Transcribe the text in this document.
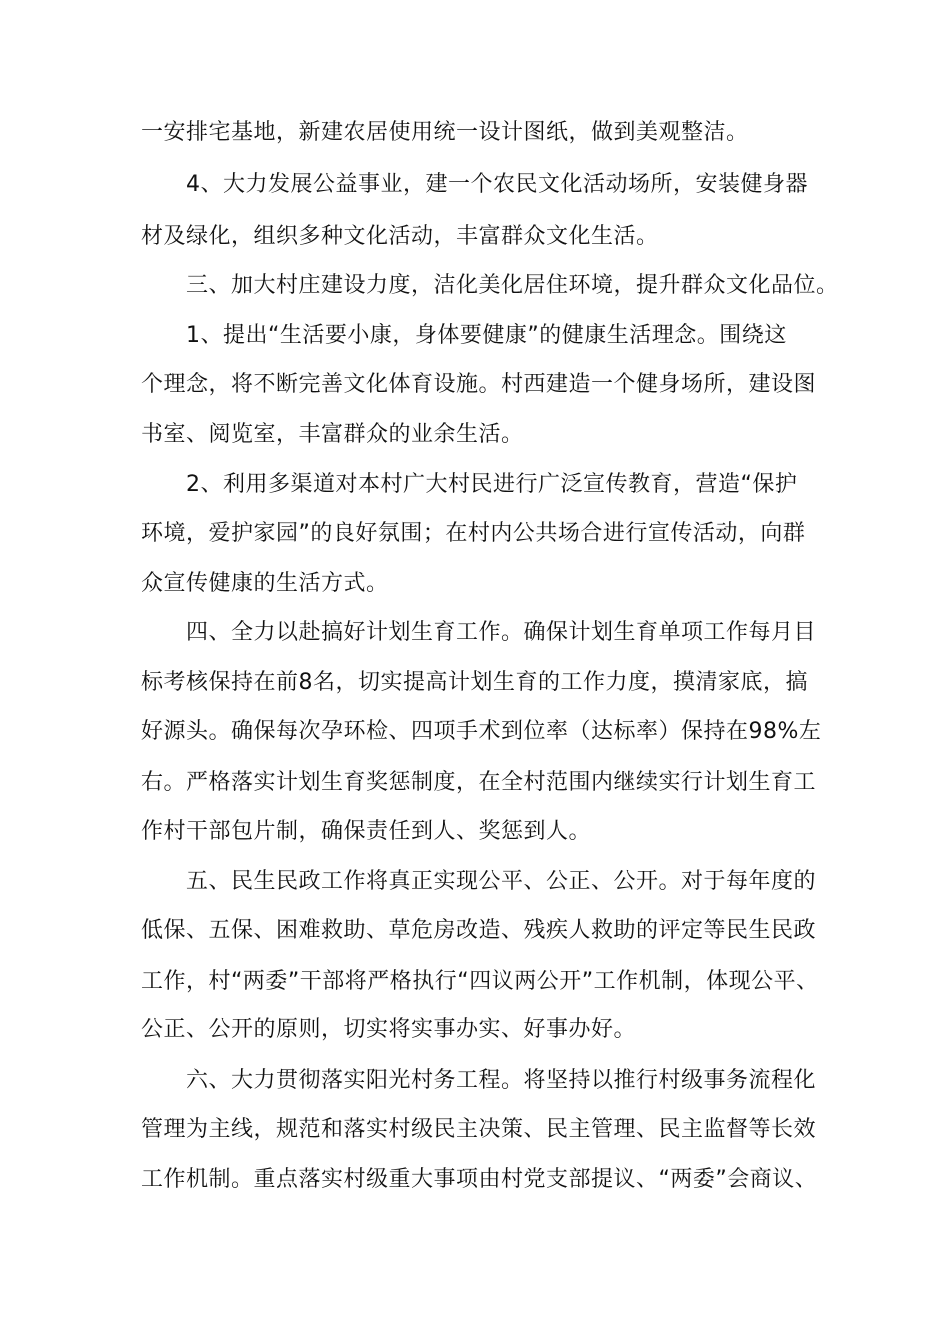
一安排宅基地，新建农居使用统一设计图纸，做到美观整洁。
4、大力发展公益事业，建一个农民文化活动场所，安装健身器
材及绿化，组织多种文化活动，丰富群众文化生活。
三、加大村庄建设力度，洁化美化居住环境，提升群众文化品位。
1、提出“生活要小康，身体要健康”的健康生活理念。围绕这
个理念，将不断完善文化体育设施。村西建造一个健身场所，建设图
书室、阅览室，丰富群众的业余生活。
2、利用多渠道对本村广大村民进行广泛宣传教育，营造“保护
环境，爱护家园”的良好氛围；在村内公共场合进行宣传活动，向群
众宣传健康的生活方式。
四、全力以赴搞好计划生育工作。确保计划生育单项工作每月目
标考核保持在前8名，切实提高计划生育的工作力度，摸清家底，搞
好源头。确保每次孕环检、四项手术到位率（达标率）保持在98%左
右。严格落实计划生育奖惩制度，在全村范围内继续实行计划生育工
作村干部包片制，确保责任到人、奖惩到人。
五、民生民政工作将真正实现公平、公正、公开。对于每年度的
低保、五保、困难救助、草危房改造、残疾人救助的评定等民生民政
工作，村“两委”干部将严格执行“四议两公开”工作机制，体现公平、
公正、公开的原则，切实将实事办实、好事办好。
六、大力贯彻落实阳光村务工程。将坚持以推行村级事务流程化
管理为主线，规范和落实村级民主决策、民主管理、民主监督等长效
工作机制。重点落实村级重大事项由村党支部提议、“两委”会商议、
